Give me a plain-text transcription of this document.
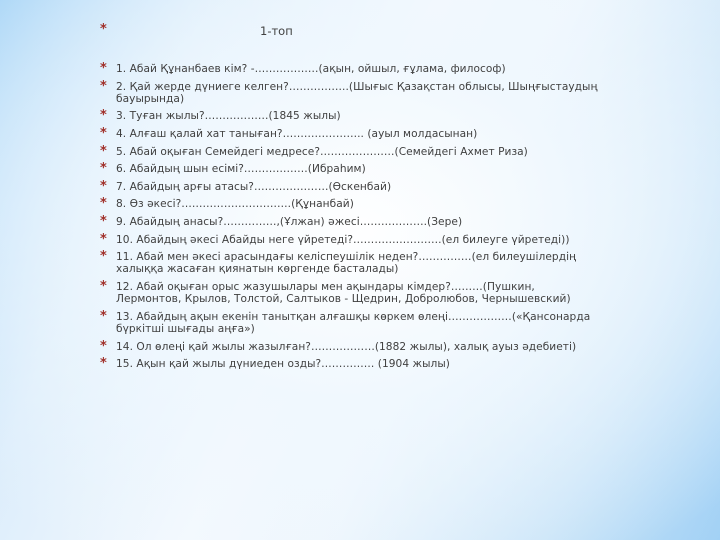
*	1-топ
* 1. Абай Құнанбаев кім? -………………(ақын, ойшыл, ғұлама, философ)
* 2. Қай жерде дүниеге келген?……………..(Шығыс Қазақстан облысы, Шыңғыстаудың бауырында)
* 3. Туған жылы?………………(1845 жылы)
* 4. Алғаш қалай хат таныған?………………….. (ауыл молдасынан)
* 5. Абай оқыған Семейдегі медресе?…………………(Семейдегі Ахмет Риза)
* 6. Абайдың шын есімі?………………(Ибраһим)
* 7. Абайдың арғы атасы?…………………(Өскенбай)
* 8. Өз әкесі?………………………….(Құнанбай)
* 9. Абайдың анасы?……………,(Ұлжан) әжесі……………….(Зере)
* 10. Абайдың әкесі Абайды неге үйретеді?…………………….(ел билеуге үйретеді))
* 11. Абай мен әкесі арасындағы келіспеушілік неден?……………(ел билеушілердің халыққа жасаған қиянатын көргенде басталады)
* 12. Абай оқыған орыс жазушылары мен ақындары кімдер?………(Пушкин, Лермонтов, Крылов, Толстой, Салтыков - Щедрин, Добролюбов, Чернышевский)
* 13. Абайдың ақын екенін танытқан алғашқы көркем өлеңі………………(«Қансонарда бүркітші шығады аңға»)
* 14. Ол өлеңі қай жылы жазылған?………………(1882 жылы), халық ауыз әдебиеті)
* 15. Ақын қай жылы дүниеден озды?…………… (1904 жылы)
